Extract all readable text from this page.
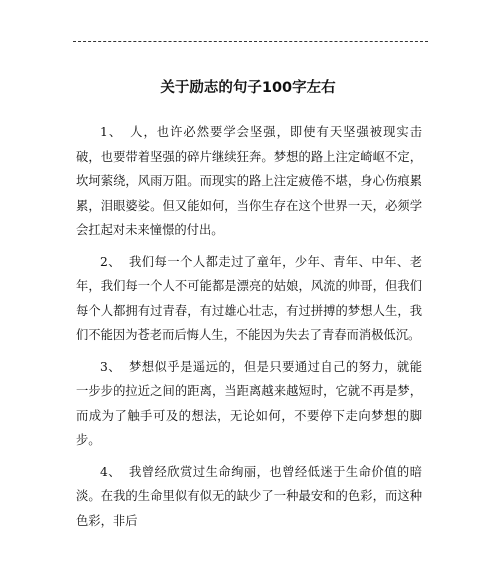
关于励志的句子100字左右

1、 人，也许必然要学会坚强，即使有天坚强被现实击破，也要带着坚强的碎片继续狂奔。梦想的路上注定崎岖不定，坎坷萦绕，风雨万阻。而现实的路上注定疲倦不堪，身心伤痕累累，泪眼婆娑。但又能如何，当你生存在这个世界一天，必须学会扛起对未来憧憬的付出。

2、 我们每一个人都走过了童年，少年、青年、中年、老年，我们每一个人不可能都是漂亮的姑娘，风流的帅哥，但我们每个人都拥有过青春，有过雄心壮志，有过拼搏的梦想人生，我们不能因为苍老而后悔人生，不能因为失去了青春而消极低沉。

3、 梦想似乎是遥远的，但是只要通过自己的努力，就能一步步的拉近之间的距离，当距离越来越短时，它就不再是梦，而成为了触手可及的想法，无论如何，不要停下走向梦想的脚步。

4、 我曾经欣赏过生命绚丽，也曾经低迷于生命价值的暗淡。在我的生命里似有似无的缺少了一种最安和的色彩，而这种色彩，非后
